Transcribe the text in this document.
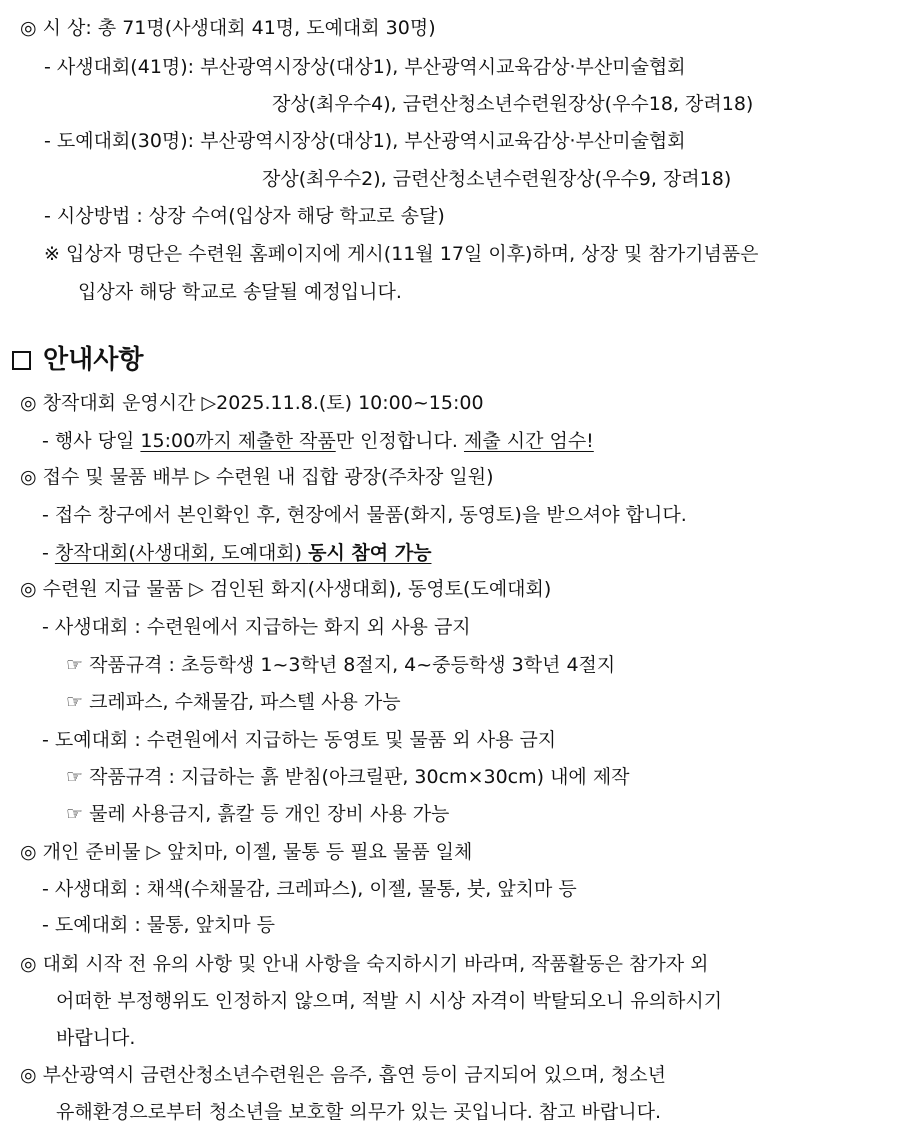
◎ 시 상: 총 71명(사생대회 41명, 도예대회 30명)
- 사생대회(41명): 부산광역시장상(대상1), 부산광역시교육감상·부산미술협회
장상(최우수4), 금련산청소년수련원장상(우수18, 장려18)
- 도예대회(30명): 부산광역시장상(대상1), 부산광역시교육감상·부산미술협회
장상(최우수2), 금련산청소년수련원장상(우수9, 장려18)
- 시상방법 : 상장 수여(입상자 해당 학교로 송달)
※ 입상자 명단은 수련원 홈페이지에 게시(11월 17일 이후)하며, 상장 및 참가기념품은
입상자 해당 학교로 송달될 예정입니다.
안내사항
◎ 창작대회 운영시간 ▷2025.11.8.(토) 10:00~15:00
- 행사 당일 15:00까지 제출한 작품만 인정합니다. 제출 시간 엄수!
◎ 접수 및 물품 배부 ▷ 수련원 내 집합 광장(주차장 일원)
- 접수 창구에서 본인확인 후, 현장에서 물품(화지, 동영토)을 받으셔야 합니다.
- 창작대회(사생대회, 도예대회) 동시 참여 가능
◎ 수련원 지급 물품 ▷ 검인된 화지(사생대회), 동영토(도예대회)
- 사생대회 : 수련원에서 지급하는 화지 외 사용 금지
☞ 작품규격 : 초등학생 1~3학년 8절지, 4~중등학생 3학년 4절지
☞ 크레파스, 수채물감, 파스텔 사용 가능
- 도예대회 : 수련원에서 지급하는 동영토 및 물품 외 사용 금지
☞ 작품규격 : 지급하는 흙 받침(아크릴판, 30cm×30cm) 내에 제작
☞ 물레 사용금지, 흙칼 등 개인 장비 사용 가능
◎ 개인 준비물 ▷ 앞치마, 이젤, 물통 등 필요 물품 일체
- 사생대회 : 채색(수채물감, 크레파스), 이젤, 물통, 붓, 앞치마 등
- 도예대회 : 물통, 앞치마 등
◎ 대회 시작 전 유의 사항 및 안내 사항을 숙지하시기 바라며, 작품활동은 참가자 외
어떠한 부정행위도 인정하지 않으며, 적발 시 시상 자격이 박탈되오니 유의하시기
바랍니다.
◎ 부산광역시 금련산청소년수련원은 음주, 흡연 등이 금지되어 있으며, 청소년
유해환경으로부터 청소년을 보호할 의무가 있는 곳입니다. 참고 바랍니다.
